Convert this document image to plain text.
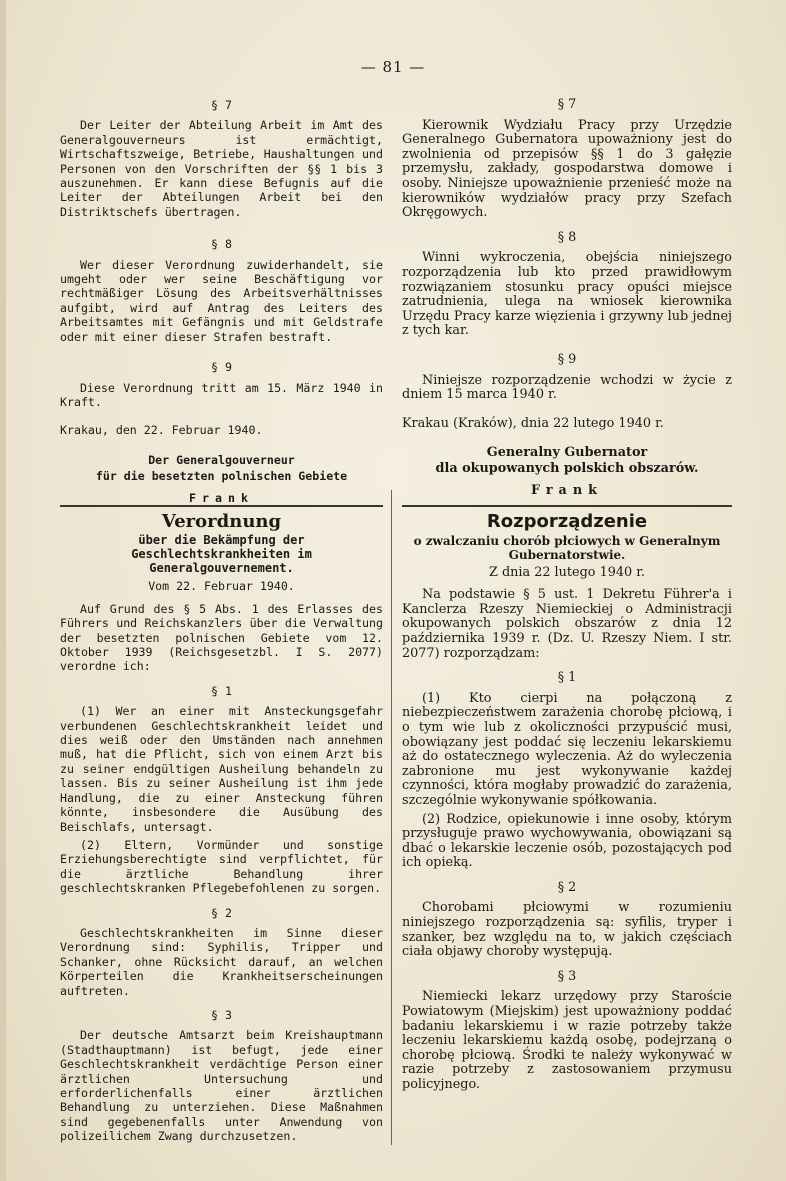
— 81 —
§ 7

Der Leiter der Abteilung Arbeit im Amt des Generalgouverneurs ist ermächtigt, Wirtschaftszweige, Betriebe, Haushaltungen und Personen von den Vorschriften der §§ 1 bis 3 auszunehmen. Er kann diese Befugnis auf die Leiter der Abteilungen Arbeit bei den Distriktschefs übertragen.

§ 8

Wer dieser Verordnung zuwiderhandelt, sie umgeht oder wer seine Beschäftigung vor rechtmäßiger Lösung des Arbeitsverhältnisses aufgibt, wird auf Antrag des Leiters des Arbeitsamtes mit Gefängnis und mit Geldstrafe oder mit einer dieser Strafen bestraft.

§ 9

Diese Verordnung tritt am 15. März 1940 in Kraft.

Krakau, den 22. Februar 1940.

Der Generalgouverneur
für die besetzten polnischen Gebiete
Frank
§ 7

Kierownik Wydziału Pracy przy Urzędzie Generalnego Gubernatora upoważniony jest do zwolnienia od przepisów §§ 1 do 3 gałęzie przemysłu, zakłady, gospodarstwa domowe i osoby. Niniejsze upoważnienie przenieść może na kierowników wydziałów pracy przy Szefach Okręgowych.

§ 8

Winni wykroczenia, obejścia niniejszego rozporządzenia lub kto przed prawidłowym rozwiązaniem stosunku pracy opuści miejsce zatrudnienia, ulega na wniosek kierownika Urzędu Pracy karze więzienia i grzywny lub jednej z tych kar.

§ 9

Niniejsze rozporządzenie wchodzi w życie z dniem 15 marca 1940 r.

Krakau (Kraków), dnia 22 lutego 1940 r.

Generalny Gubernator
dla okupowanych polskich obszarów.
Frank
Verordnung
über die Bekämpfung der Geschlechtskrankheiten im Generalgouvernement.
Vom 22. Februar 1940.

Auf Grund des § 5 Abs. 1 des Erlasses des Führers und Reichskanzlers über die Verwaltung der besetzten polnischen Gebiete vom 12. Oktober 1939 (Reichsgesetzbl. I S. 2077) verordne ich:

§ 1

(1) Wer an einer mit Ansteckungsgefahr verbundenen Geschlechtskrankheit leidet und dies weiß oder den Umständen nach annehmen muß, hat die Pflicht, sich von einem Arzt bis zu seiner endgültigen Ausheilung behandeln zu lassen. Bis zu seiner Ausheilung ist ihm jede Handlung, die zu einer Ansteckung führen könnte, insbesondere die Ausübung des Beischlafs, untersagt.

(2) Eltern, Vormünder und sonstige Erziehungsberechtigte sind verpflichtet, für die ärztliche Behandlung ihrer geschlechtskranken Pflegebefohlenen zu sorgen.

§ 2

Geschlechtskrankheiten im Sinne dieser Verordnung sind: Syphilis, Tripper und Schanker, ohne Rücksicht darauf, an welchen Körperteilen die Krankheitserscheinungen auftreten.

§ 3

Der deutsche Amtsarzt beim Kreishauptmann (Stadthauptmann) ist befugt, jede einer Geschlechtskrankheit verdächtige Person einer ärztlichen Untersuchung und erforderlichenfalls einer ärztlichen Behandlung zu unterziehen. Diese Maßnahmen sind gegebenenfalls unter Anwendung von polizeilichem Zwang durchzusetzen.

Rozporządzenie
o zwalczaniu chorób płciowych w Generalnym Gubernatorstwie.
Z dnia 22 lutego 1940 r.

Na podstawie § 5 ust. 1 Dekretu Führer'a i Kanclerza Rzeszy Niemieckiej o Administracji okupowanych polskich obszarów z dnia 12 października 1939 r. (Dz. U. Rzeszy Niem. I str. 2077) rozporządzam:

§ 1

(1) Kto cierpi na połączoną z niebezpieczeństwem zarażenia chorobę płciową, i o tym wie lub z okoliczności przypuścić musi, obowiązany jest poddać się leczeniu lekarskiemu aż do ostatecznego wyleczenia. Aż do wyleczenia zabronione mu jest wykonywanie każdej czynności, która mogłaby prowadzić do zarażenia, szczególnie wykonywanie spółkowania.

(2) Rodzice, opiekunowie i inne osoby, którym przysługuje prawo wychowywania, obowiązani są dbać o lekarskie leczenie osób, pozostających pod ich opieką.

§ 2

Chorobami płciowymi w rozumieniu niniejszego rozporządzenia są: syfilis, tryper i szanker, bez względu na to, w jakich częściach ciała objawy choroby występują.

§ 3

Niemiecki lekarz urzędowy przy Staroście Powiatowym (Miejskim) jest upoważniony poddać badaniu lekarskiemu i w razie potrzeby także leczeniu lekarskiemu każdą osobę, podejrzaną o chorobę płciową. Środki te należy wykonywać w razie potrzeby z zastosowaniem przymusu policyjnego.
